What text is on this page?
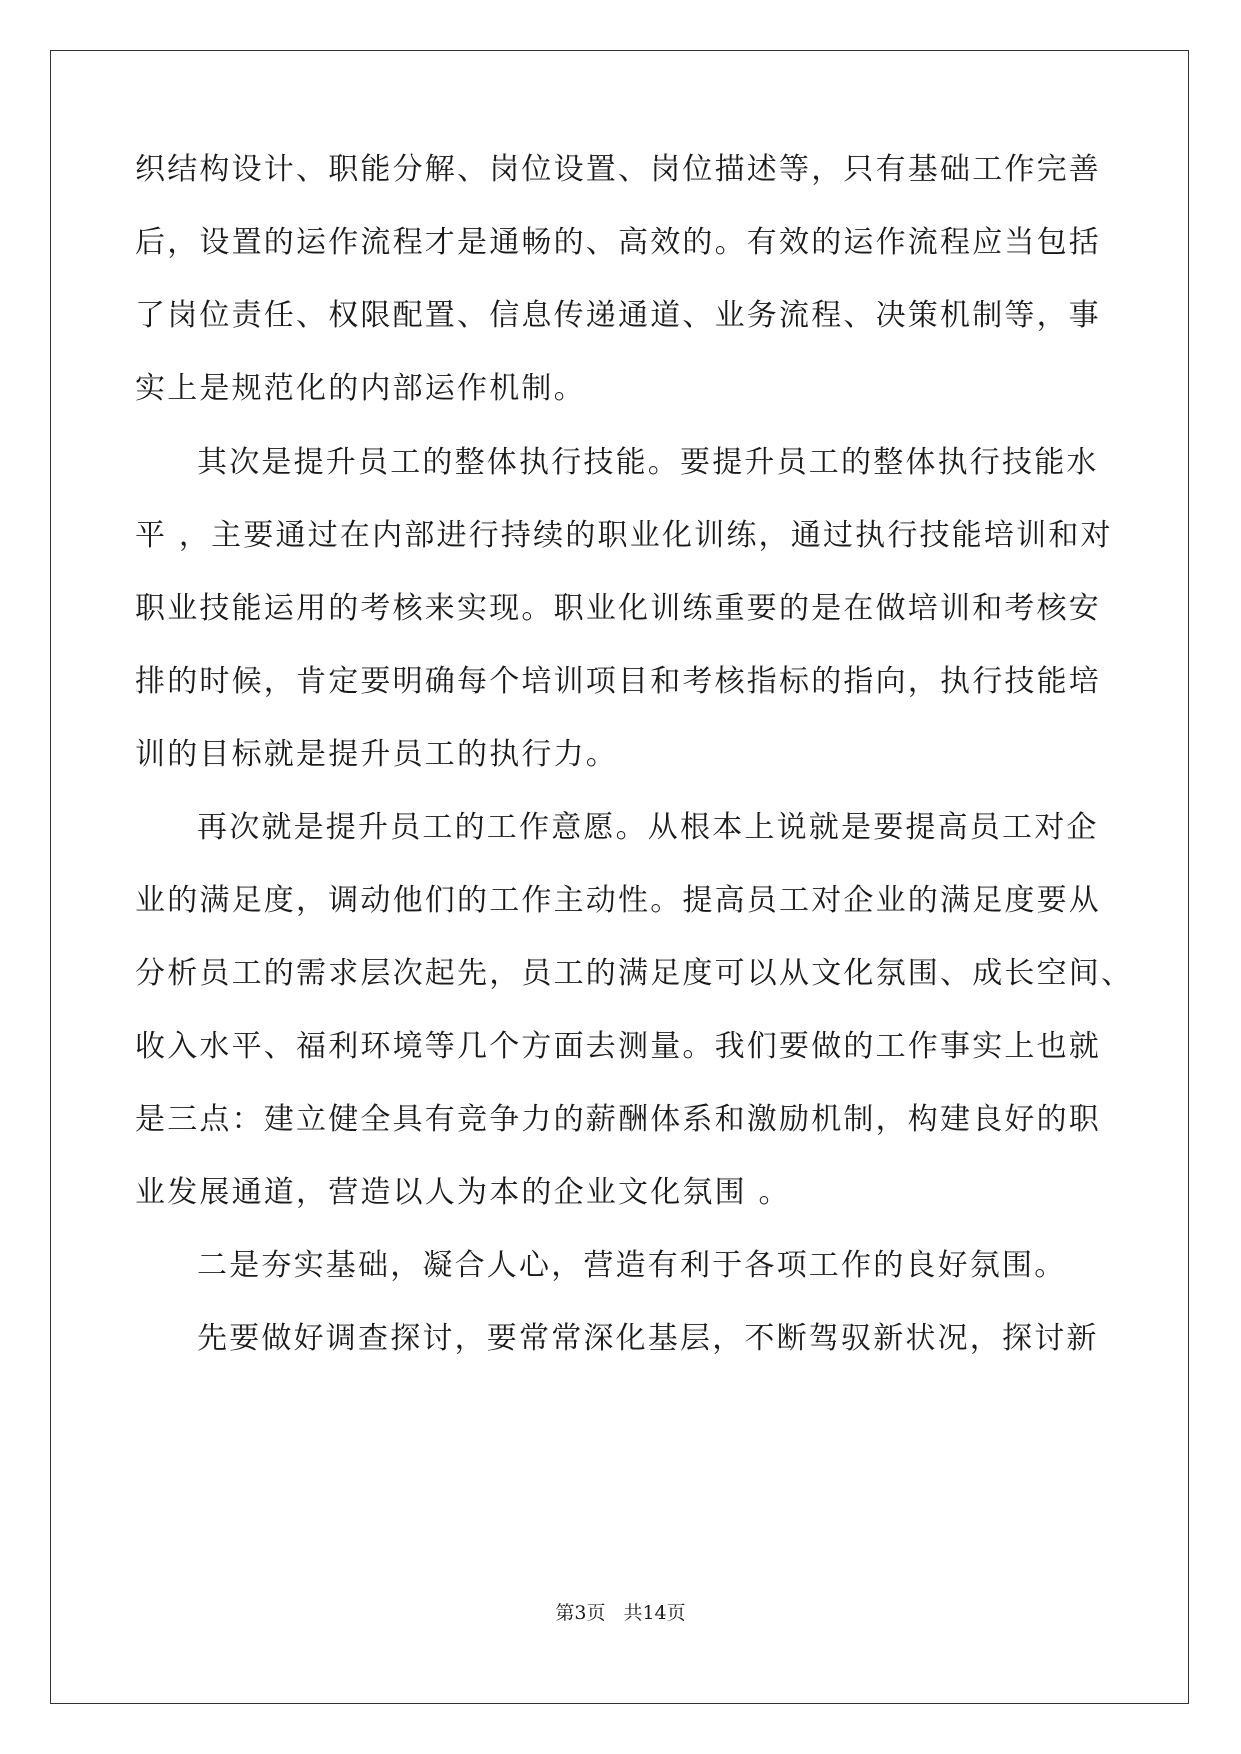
织结构设计、职能分解、岗位设置、岗位描述等，只有基础工作完善
后，设置的运作流程才是通畅的、高效的。有效的运作流程应当包括
了岗位责任、权限配置、信息传递通道、业务流程、决策机制等，事
实上是规范化的内部运作机制。
其次是提升员工的整体执行技能。要提升员工的整体执行技能水
平 ，主要通过在内部进行持续的职业化训练，通过执行技能培训和对
职业技能运用的考核来实现。职业化训练重要的是在做培训和考核安
排的时候，肯定要明确每个培训项目和考核指标的指向，执行技能培
训的目标就是提升员工的执行力。
再次就是提升员工的工作意愿。从根本上说就是要提高员工对企
业的满足度，调动他们的工作主动性。提高员工对企业的满足度要从
分析员工的需求层次起先，员工的满足度可以从文化氛围、成长空间、
收入水平、福利环境等几个方面去测量。我们要做的工作事实上也就
是三点：建立健全具有竞争力的薪酬体系和激励机制，构建良好的职
业发展通道，营造以人为本的企业文化氛围 。
二是夯实基础，凝合人心，营造有利于各项工作的良好氛围。
先要做好调查探讨，要常常深化基层，不断驾驭新状况，探讨新
第3页 共14页
